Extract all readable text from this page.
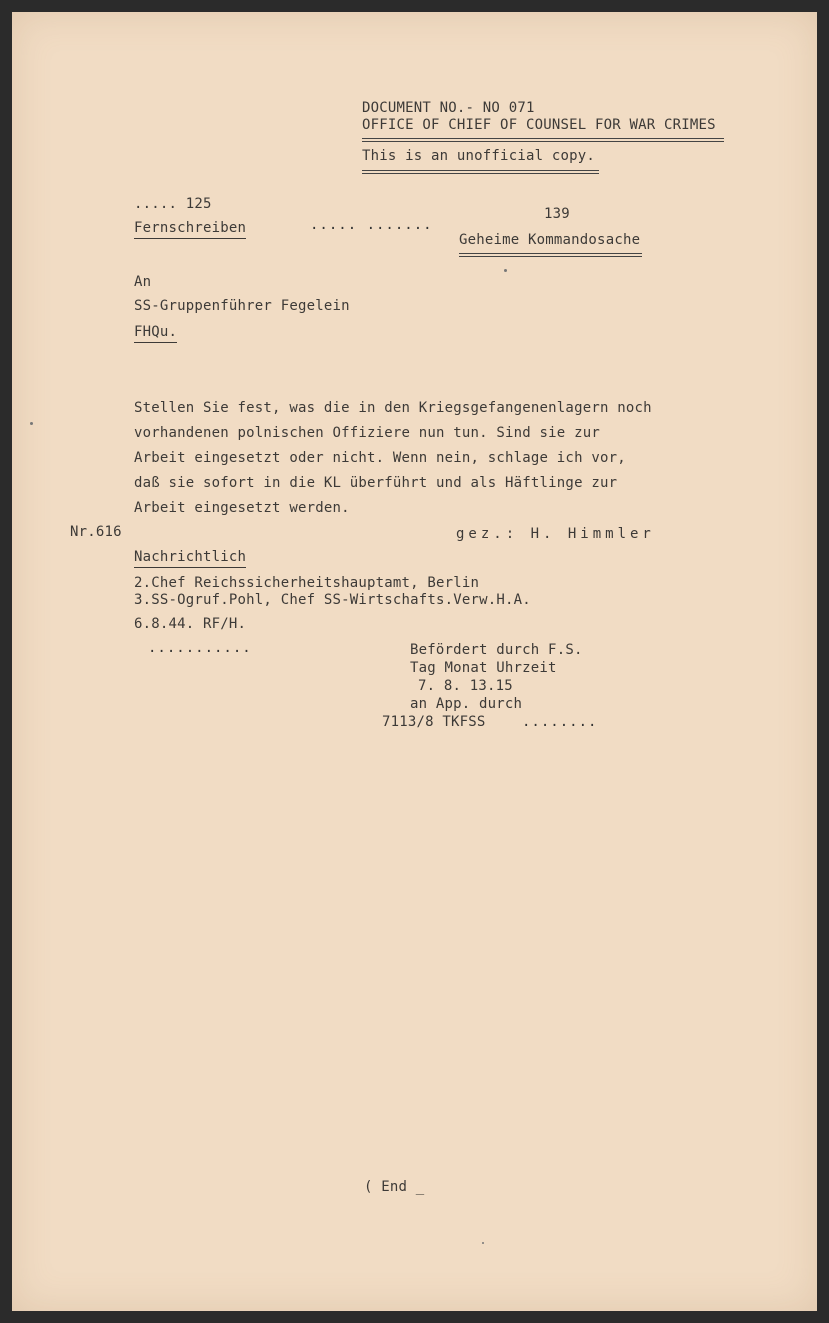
DOCUMENT NO.- NO 071
OFFICE OF CHIEF OF COUNSEL FOR WAR CRIMES
This is an unofficial copy.
..... 125
Fernschreiben	..... .......
139
Geheime Kommandosache
An
SS-Gruppenführer Fegelein
FHQu.
Stellen Sie fest, was die in den Kriegsgefangenenlagern noch
vorhandenen polnischen Offiziere nun tun. Sind sie zur
Arbeit eingesetzt oder nicht. Wenn nein, schlage ich vor,
daß sie sofort in die KL überführt und als Häftlinge zur
Arbeit eingesetzt werden.
Nr.616	gez.: H. Himmler
Nachrichtlich
2.Chef Reichssicherheitshauptamt, Berlin
3.SS-Ogruf.Pohl, Chef SS-Wirtschafts.Verw.H.A.
6.8.44. RF/H.
...........	Befördert durch F.S.
Tag Monat Uhrzeit
7. 8. 13.15
an App. durch
7113/8 TKFSS	........
( End _
